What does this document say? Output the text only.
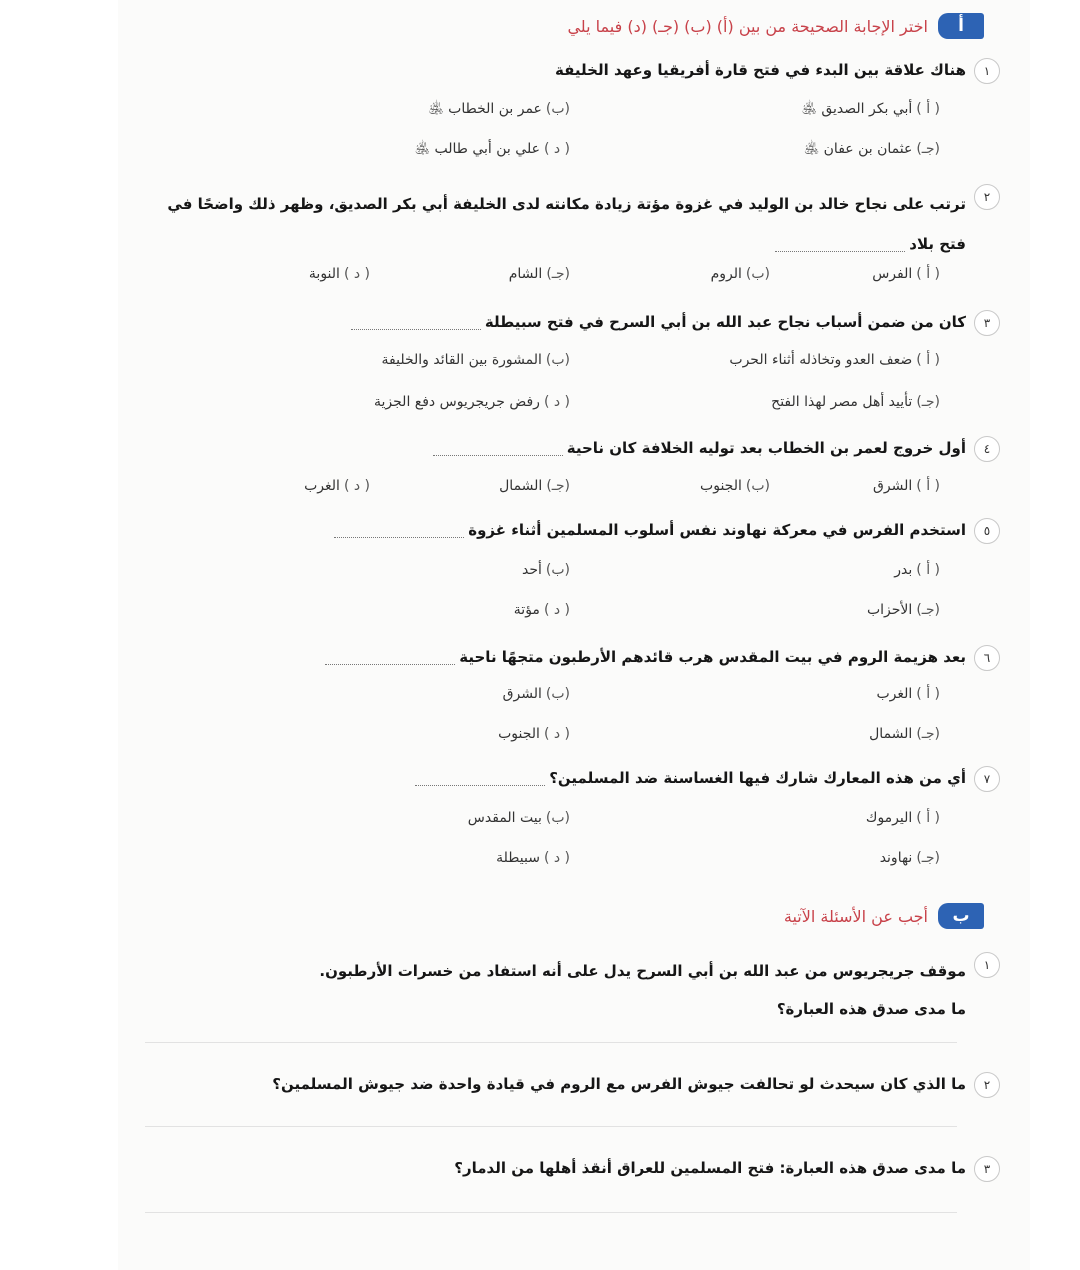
أ
اختر الإجابة الصحيحة من بين (أ) (ب) (جـ) (د) فيما يلي
١
هناك علاقة بين البدء في فتح قارة أفريقيا وعهد الخليفة
( أ )أبي بكر الصديق ﵁
(ب)عمر بن الخطاب ﵁
(جـ)عثمان بن عفان ﵁
( د )علي بن أبي طالب ﵁
٢
ترتب على نجاح خالد بن الوليد في غزوة مؤتة زيادة مكانته لدى الخليفة أبي بكر الصديق، وظهر ذلك واضحًا في فتح بلاد
( أ )الفرس
(ب)الروم
(جـ)الشام
( د )النوبة
٣
كان من ضمن أسباب نجاح عبد الله بن أبي السرح في فتح سبيطلة
( أ )ضعف العدو وتخاذله أثناء الحرب
(ب)المشورة بين القائد والخليفة
(جـ)تأييد أهل مصر لهذا الفتح
( د )رفض جريجريوس دفع الجزية
٤
أول خروج لعمر بن الخطاب بعد توليه الخلافة كان ناحية
( أ )الشرق
(ب)الجنوب
(جـ)الشمال
( د )الغرب
٥
استخدم الفرس في معركة نهاوند نفس أسلوب المسلمين أثناء غزوة
( أ )بدر
(ب)أحد
(جـ)الأحزاب
( د )مؤتة
٦
بعد هزيمة الروم في بيت المقدس هرب قائدهم الأرطبون متجهًا ناحية
( أ )الغرب
(ب)الشرق
(جـ)الشمال
( د )الجنوب
٧
أي من هذه المعارك شارك فيها الغساسنة ضد المسلمين؟
( أ )اليرموك
(ب)بيت المقدس
(جـ)نهاوند
( د )سبيطلة
ب
أجب عن الأسئلة الآتية
١
موقف جريجريوس من عبد الله بن أبي السرح يدل على أنه استفاد من خسرات الأرطبون.
ما مدى صدق هذه العبارة؟
٢
ما الذي كان سيحدث لو تحالفت جيوش الفرس مع الروم في قيادة واحدة ضد جيوش المسلمين؟
٣
ما مدى صدق هذه العبارة: فتح المسلمين للعراق أنقذ أهلها من الدمار؟
